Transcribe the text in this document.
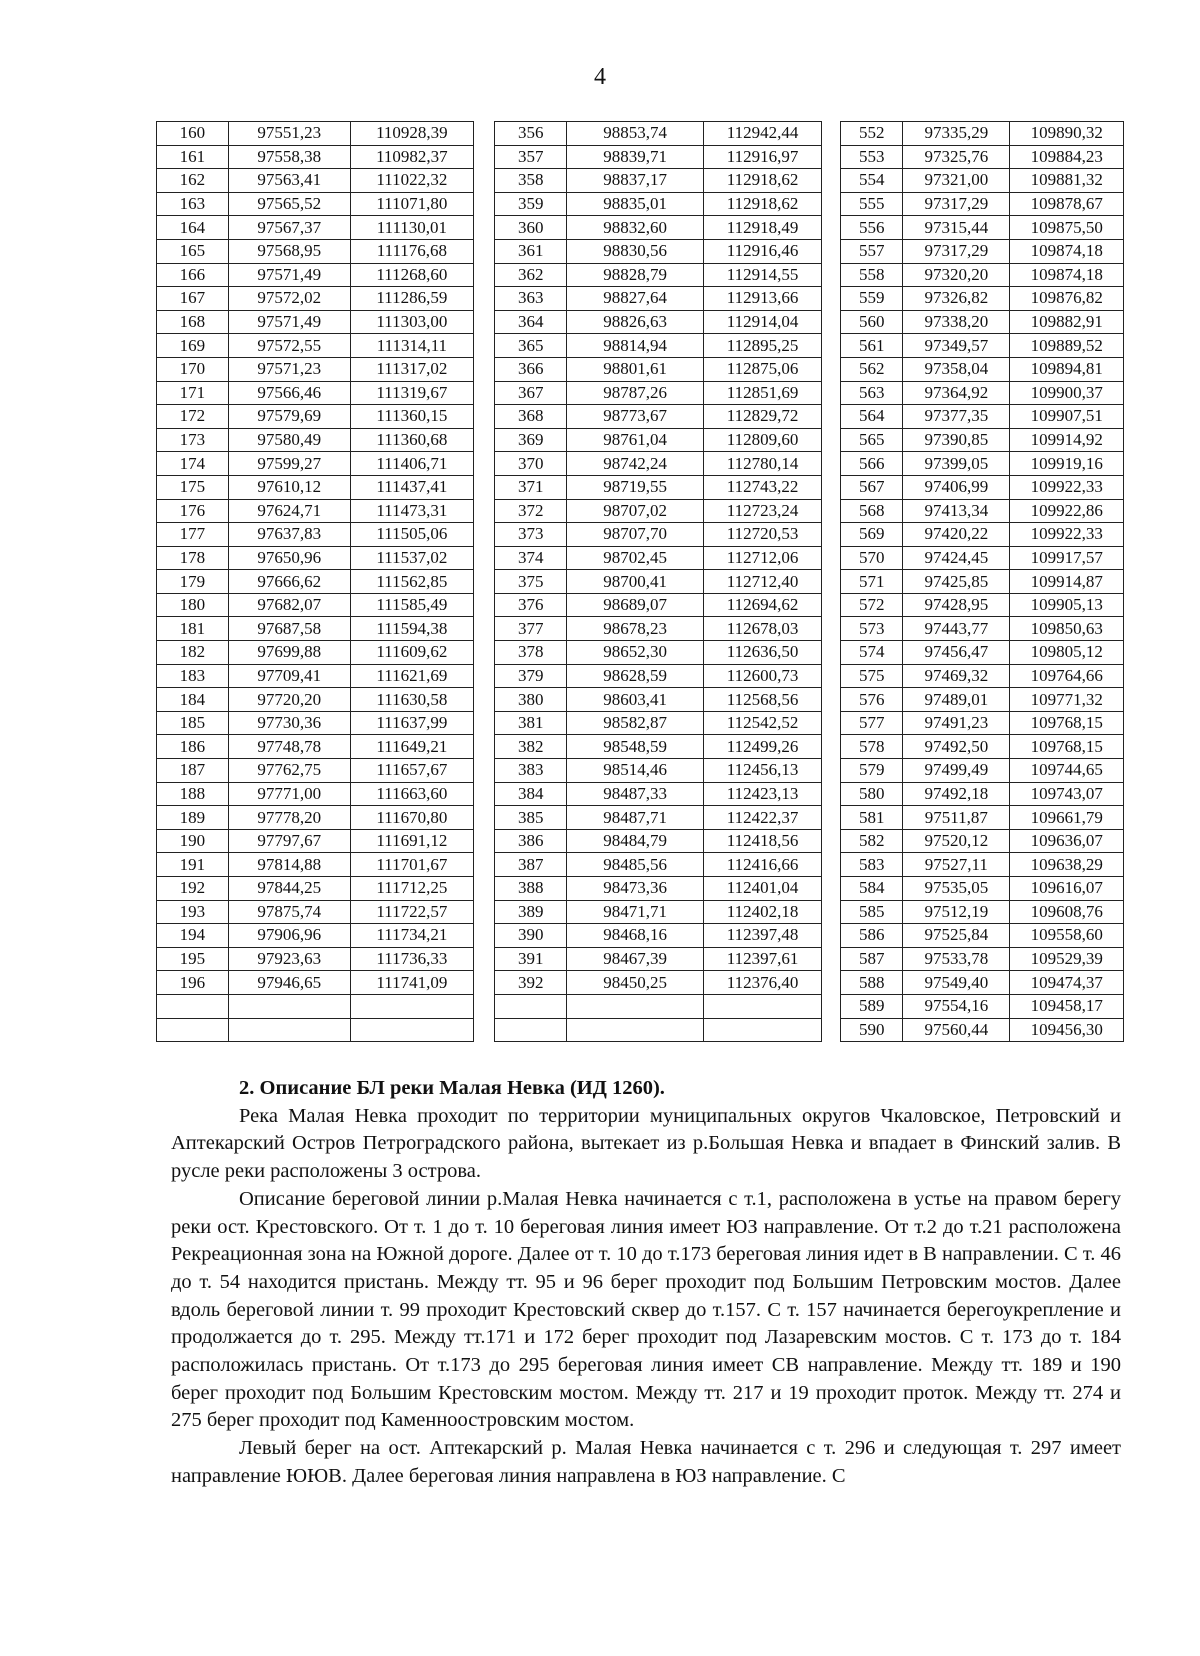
4
160	97551,23	110928,39		356	98853,74	112942,44		552	97335,29	109890,32
161	97558,38	110982,37		357	98839,71	112916,97		553	97325,76	109884,23
162	97563,41	111022,32		358	98837,17	112918,62		554	97321,00	109881,32
163	97565,52	111071,80		359	98835,01	112918,62		555	97317,29	109878,67
164	97567,37	111130,01		360	98832,60	112918,49		556	97315,44	109875,50
165	97568,95	111176,68		361	98830,56	112916,46		557	97317,29	109874,18
166	97571,49	111268,60		362	98828,79	112914,55		558	97320,20	109874,18
167	97572,02	111286,59		363	98827,64	112913,66		559	97326,82	109876,82
168	97571,49	111303,00		364	98826,63	112914,04		560	97338,20	109882,91
169	97572,55	111314,11		365	98814,94	112895,25		561	97349,57	109889,52
170	97571,23	111317,02		366	98801,61	112875,06		562	97358,04	109894,81
171	97566,46	111319,67		367	98787,26	112851,69		563	97364,92	109900,37
172	97579,69	111360,15		368	98773,67	112829,72		564	97377,35	109907,51
173	97580,49	111360,68		369	98761,04	112809,60		565	97390,85	109914,92
174	97599,27	111406,71		370	98742,24	112780,14		566	97399,05	109919,16
175	97610,12	111437,41		371	98719,55	112743,22		567	97406,99	109922,33
176	97624,71	111473,31		372	98707,02	112723,24		568	97413,34	109922,86
177	97637,83	111505,06		373	98707,70	112720,53		569	97420,22	109922,33
178	97650,96	111537,02		374	98702,45	112712,06		570	97424,45	109917,57
179	97666,62	111562,85		375	98700,41	112712,40		571	97425,85	109914,87
180	97682,07	111585,49		376	98689,07	112694,62		572	97428,95	109905,13
181	97687,58	111594,38		377	98678,23	112678,03		573	97443,77	109850,63
182	97699,88	111609,62		378	98652,30	112636,50		574	97456,47	109805,12
183	97709,41	111621,69		379	98628,59	112600,73		575	97469,32	109764,66
184	97720,20	111630,58		380	98603,41	112568,56		576	97489,01	109771,32
185	97730,36	111637,99		381	98582,87	112542,52		577	97491,23	109768,15
186	97748,78	111649,21		382	98548,59	112499,26		578	97492,50	109768,15
187	97762,75	111657,67		383	98514,46	112456,13		579	97499,49	109744,65
188	97771,00	111663,60		384	98487,33	112423,13		580	97492,18	109743,07
189	97778,20	111670,80		385	98487,71	112422,37		581	97511,87	109661,79
190	97797,67	111691,12		386	98484,79	112418,56		582	97520,12	109636,07
191	97814,88	111701,67		387	98485,56	112416,66		583	97527,11	109638,29
192	97844,25	111712,25		388	98473,36	112401,04		584	97535,05	109616,07
193	97875,74	111722,57		389	98471,71	112402,18		585	97512,19	109608,76
194	97906,96	111734,21		390	98468,16	112397,48		586	97525,84	109558,60
195	97923,63	111736,33		391	98467,39	112397,61		587	97533,78	109529,39
196	97946,65	111741,09		392	98450,25	112376,40		588	97549,40	109474,37
								589	97554,16	109458,17
								590	97560,44	109456,30
2. Описание БЛ реки Малая Невка (ИД 1260).

Река Малая Невка проходит по территории муниципальных округов Чкаловское, Петровский и Аптекарский Остров Петроградского района, вытекает из р.Большая Невка и впадает в Финский залив. В русле реки расположены 3 острова.

Описание береговой линии р.Малая Невка начинается с т.1, расположена в устье на правом берегу реки ост. Крестовского. От т. 1 до т. 10 береговая линия имеет ЮЗ направление. От т.2 до т.21 расположена Рекреационная зона на Южной дороге. Далее от т. 10 до т.173 береговая линия идет в В направлении. С т. 46 до т. 54 находится пристань. Между тт. 95 и 96 берег проходит под Большим Петровским мостов. Далее вдоль береговой линии т. 99 проходит Крестовский сквер до т.157. С т. 157 начинается берегоукрепление и продолжается до т. 295. Между тт.171 и 172 берег проходит под Лазаревским мостов. С т. 173 до т. 184 расположилась пристань. От т.173 до 295 береговая линия имеет СВ направление. Между тт. 189 и 190 берег проходит под Большим Крестовским мостом. Между тт. 217 и 19 проходит проток. Между тт. 274 и 275 берег проходит под Каменноостровским мостом.

Левый берег на ост. Аптекарский р. Малая Невка начинается с т. 296 и следующая т. 297 имеет направление ЮЮВ. Далее береговая линия направлена в ЮЗ направление. С
